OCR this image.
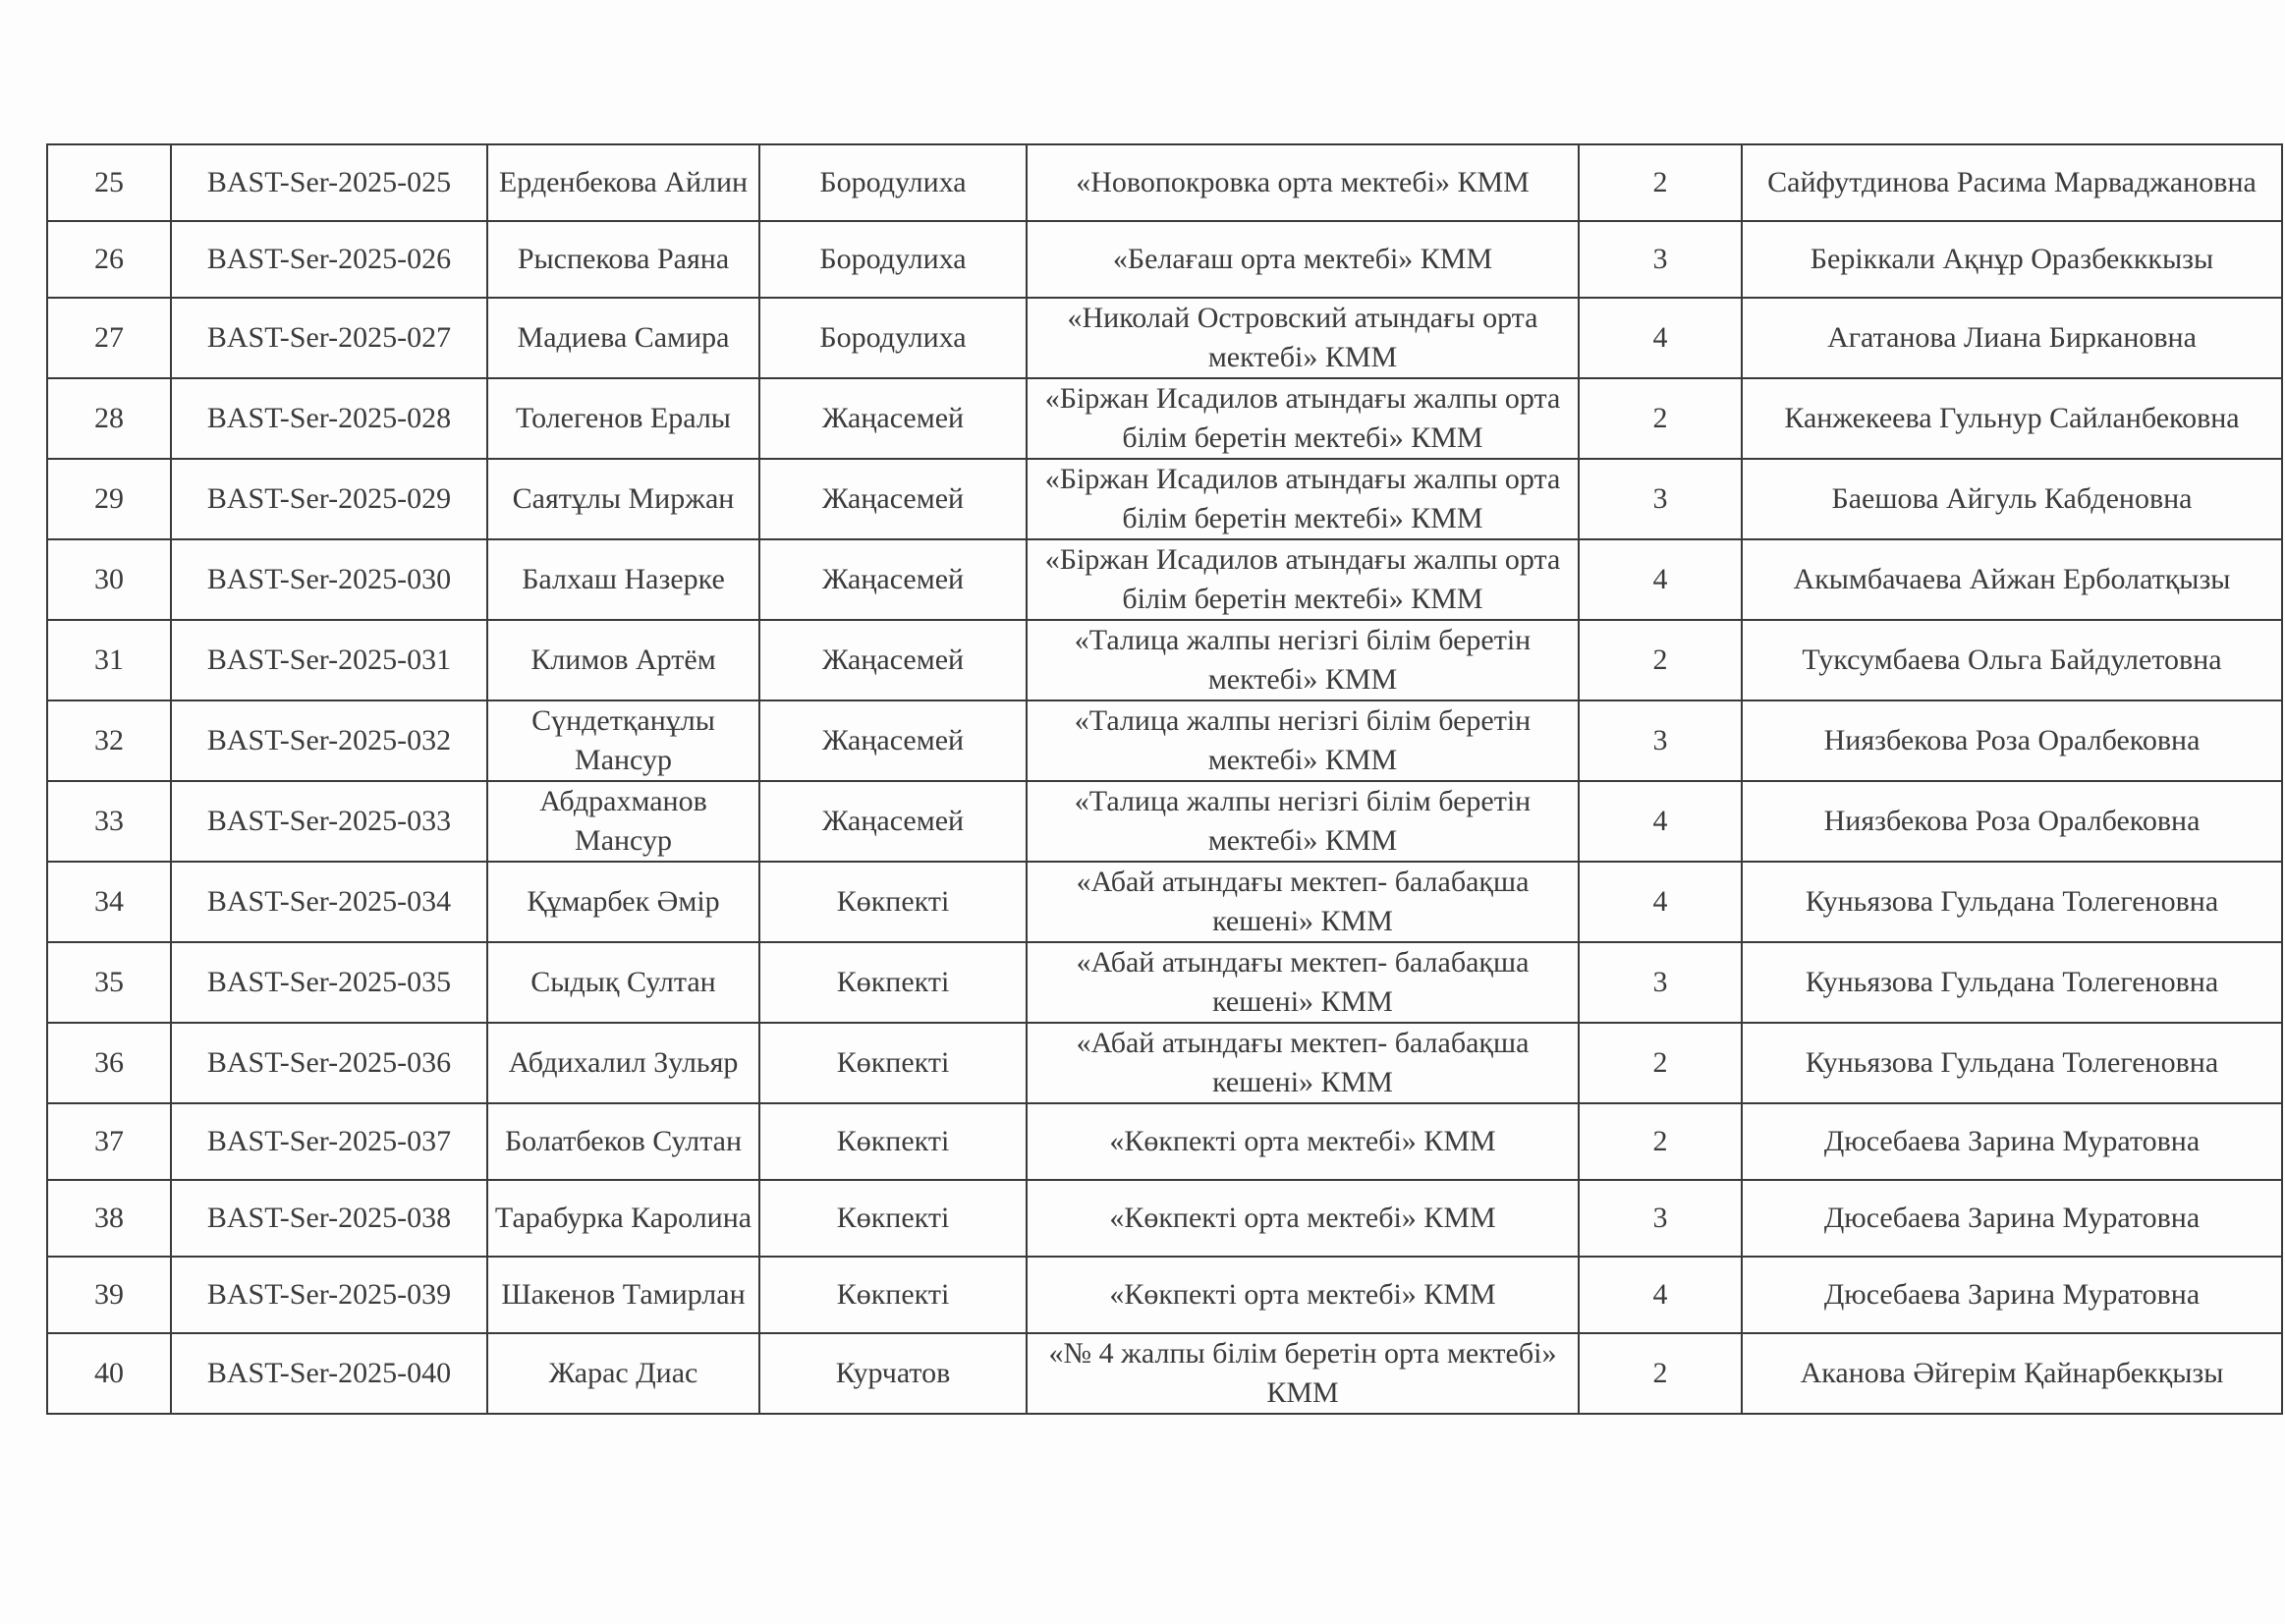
25	BAST-Ser-2025-025	Ерденбекова Айлин	Бородулиха	«Новопокровка орта мектебі» КММ	2	Сайфутдинова Расима Марваджановна
26	BAST-Ser-2025-026	Рыспекова Раяна	Бородулиха	«Белағаш орта мектебі» КММ	3	Беріккали Ақнұр Оразбекккызы
27	BAST-Ser-2025-027	Мадиева Самира	Бородулиха	«Николай Островский атындағы орта мектебі» КММ	4	Агатанова Лиана Биркановна
28	BAST-Ser-2025-028	Толегенов Ералы	Жаңасемей	«Біржан Исадилов атындағы жалпы орта білім беретін мектебі» КММ	2	Канжекеева Гульнур Сайланбековна
29	BAST-Ser-2025-029	Саятұлы Миржан	Жаңасемей	«Біржан Исадилов атындағы жалпы орта білім беретін мектебі» КММ	3	Баешова Айгуль Кабденовна
30	BAST-Ser-2025-030	Балхаш Назерке	Жаңасемей	«Біржан Исадилов атындағы жалпы орта білім беретін мектебі» КММ	4	Акымбачаева Айжан Ерболатқызы
31	BAST-Ser-2025-031	Климов Артём	Жаңасемей	«Талица жалпы негізгі білім беретін мектебі» КММ	2	Туксумбаева Ольга Байдулетовна
32	BAST-Ser-2025-032	Сүндетқанұлы Мансур	Жаңасемей	«Талица жалпы негізгі білім беретін мектебі» КММ	3	Ниязбекова Роза Оралбековна
33	BAST-Ser-2025-033	Абдрахманов Мансур	Жаңасемей	«Талица жалпы негізгі білім беретін мектебі» КММ	4	Ниязбекова Роза Оралбековна
34	BAST-Ser-2025-034	Құмарбек Әмір	Көкпекті	«Абай атындағы мектеп- балабақша кешені» КММ	4	Куньязова Гульдана Толегеновна
35	BAST-Ser-2025-035	Сыдық Султан	Көкпекті	«Абай атындағы мектеп- балабақша кешені» КММ	3	Куньязова Гульдана Толегеновна
36	BAST-Ser-2025-036	Абдихалил Зульяр	Көкпекті	«Абай атындағы мектеп- балабақша кешені» КММ	2	Куньязова Гульдана Толегеновна
37	BAST-Ser-2025-037	Болатбеков Султан	Көкпекті	«Көкпекті орта мектебі» КММ	2	Дюсебаева Зарина Муратовна
38	BAST-Ser-2025-038	Тарабурка Каролина	Көкпекті	«Көкпекті орта мектебі» КММ	3	Дюсебаева Зарина Муратовна
39	BAST-Ser-2025-039	Шакенов Тамирлан	Көкпекті	«Көкпекті орта мектебі» КММ	4	Дюсебаева Зарина Муратовна
40	BAST-Ser-2025-040	Жарас Диас	Курчатов	«№ 4 жалпы білім беретін орта мектебі» КММ	2	Аканова Әйгерім Қайнарбекқызы
